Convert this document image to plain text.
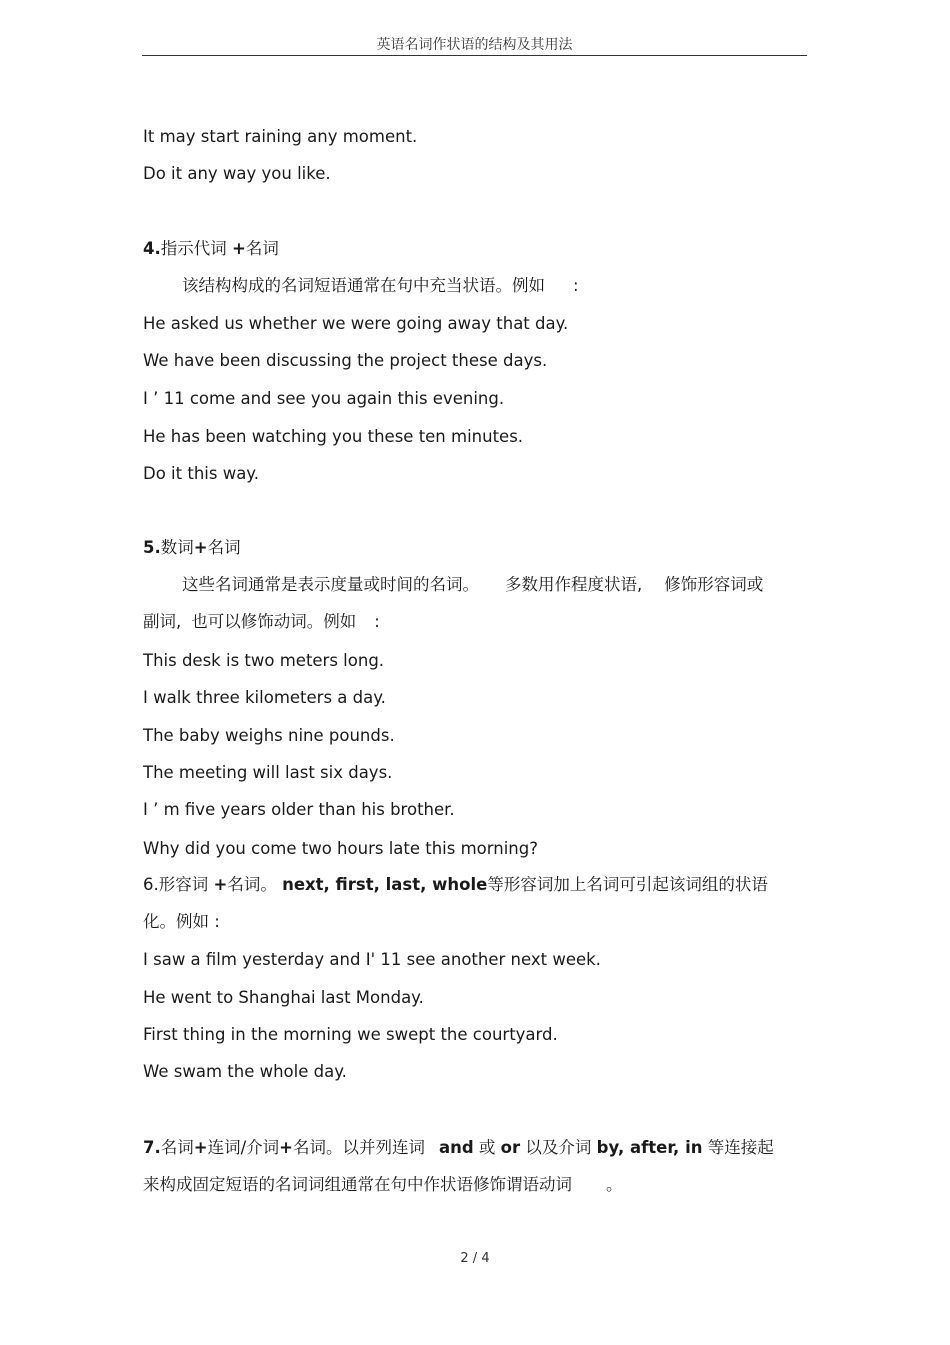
英语名词作状语的结构及其用法
It may start raining any moment.
Do it any way you like.
4.指示代词 +名词
该结构构成的名词短语通常在句中充当状语。例如 :
He asked us whether we were going away that day.
We have been discussing the project these days.
I ’ 11 come and see you again this evening.
He has been watching you these ten minutes.
Do it this way.
5.数词+名词
这些名词通常是表示度量或时间的名词。 多数用作程度状语, 修饰形容词或
副词, 也可以修饰动词。例如 :
This desk is two meters long.
I walk three kilometers a day.
The baby weighs nine pounds.
The meeting will last six days.
I ’ m five years older than his brother.
Why did you come two hours late this morning?
6.形容词 +名词。 next, first, last, whole等形容词加上名词可引起该词组的状语
化。例如 :
I saw a film yesterday and I' 11 see another next week.
He went to Shanghai last Monday.
First thing in the morning we swept the courtyard.
We swam the whole day.
7.名词+连词/介词+名词。以并列连词 and 或 or 以及介词 by, after, in 等连接起
来构成固定短语的名词词组通常在句中作状语修饰谓语动词 。
2 / 4
